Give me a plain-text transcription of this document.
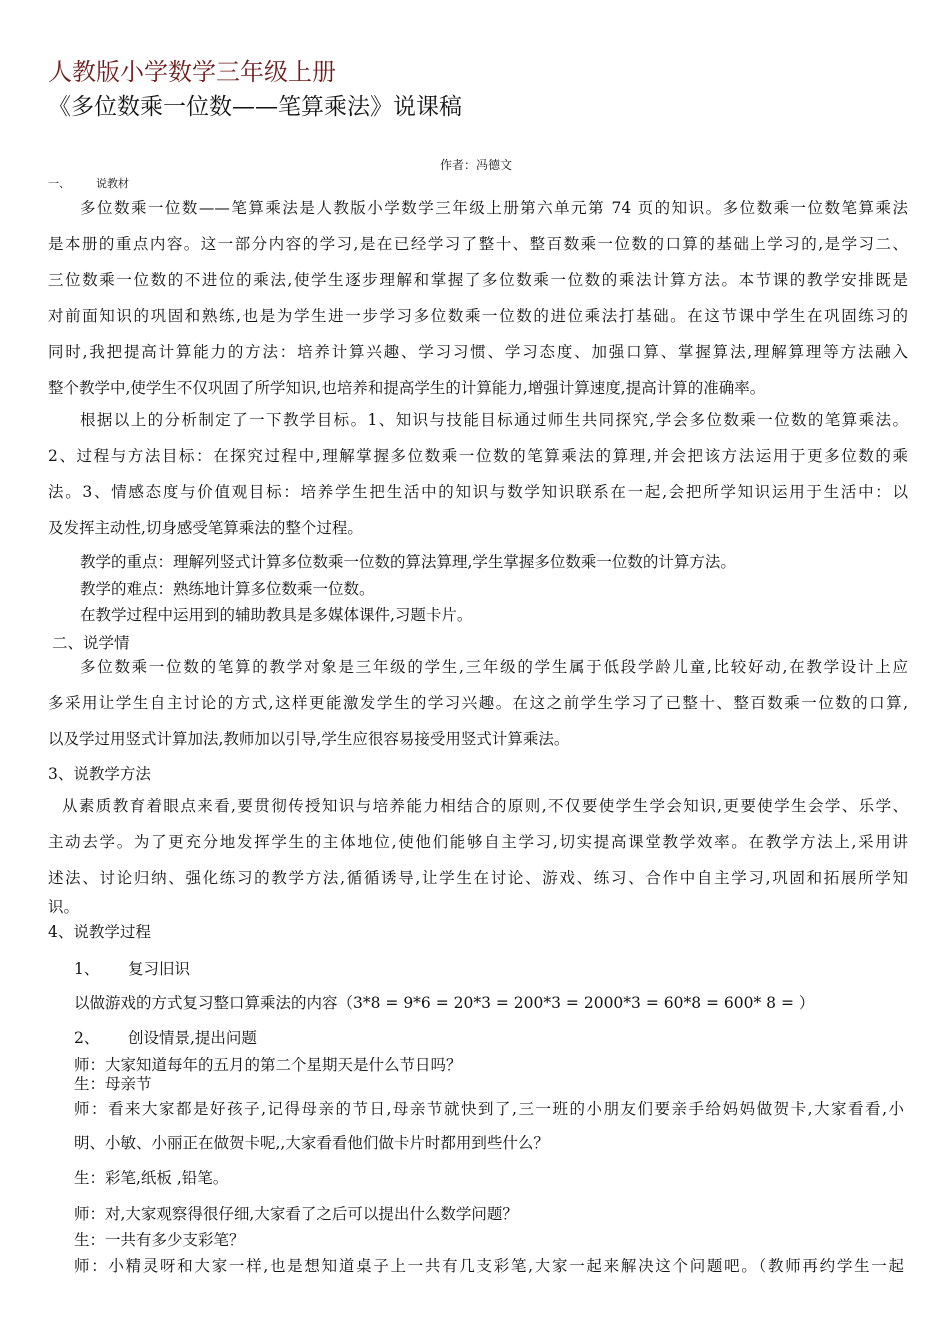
人教版小学数学三年级上册
《多位数乘一位数——笔算乘法》说课稿
作者：冯德文
一、 说教材
多位数乘一位数——笔算乘法是人教版小学数学三年级上册第六单元第 74 页的知识。多位数乘一位数笔算乘法
是本册的重点内容。这一部分内容的学习,是在已经学习了整十、整百数乘一位数的口算的基础上学习的,是学习二、
三位数乘一位数的不进位的乘法,使学生逐步理解和掌握了多位数乘一位数的乘法计算方法。本节课的教学安排既是
对前面知识的巩固和熟练,也是为学生进一步学习多位数乘一位数的进位乘法打基础。在这节课中学生在巩固练习的
同时,我把提高计算能力的方法：培养计算兴趣、学习习惯、学习态度、加强口算、掌握算法,理解算理等方法融入
整个教学中,使学生不仅巩固了所学知识,也培养和提高学生的计算能力,增强计算速度,提高计算的准确率。
根据以上的分析制定了一下教学目标。1、知识与技能目标通过师生共同探究,学会多位数乘一位数的笔算乘法。
2、过程与方法目标：在探究过程中,理解掌握多位数乘一位数的笔算乘法的算理,并会把该方法运用于更多位数的乘
法。3、情感态度与价值观目标：培养学生把生活中的知识与数学知识联系在一起,会把所学知识运用于生活中：以
及发挥主动性,切身感受笔算乘法的整个过程。
教学的重点：理解列竖式计算多位数乘一位数的算法算理,学生掌握多位数乘一位数的计算方法。
教学的难点：熟练地计算多位数乘一位数。
在教学过程中运用到的辅助教具是多媒体课件,习题卡片。
二、说学情
多位数乘一位数的笔算的教学对象是三年级的学生,三年级的学生属于低段学龄儿童,比较好动,在教学设计上应
多采用让学生自主讨论的方式,这样更能激发学生的学习兴趣。在这之前学生学习了已整十、整百数乘一位数的口算,
以及学过用竖式计算加法,教师加以引导,学生应很容易接受用竖式计算乘法。
3、说教学方法
从素质教育着眼点来看,要贯彻传授知识与培养能力相结合的原则,不仅要使学生学会知识,更要使学生会学、乐学、
主动去学。为了更充分地发挥学生的主体地位,使他们能够自主学习,切实提高课堂教学效率。在教学方法上,采用讲
述法、讨论归纳、强化练习的教学方法,循循诱导,让学生在讨论、游戏、练习、合作中自主学习,巩固和拓展所学知
识。
4、说教学过程
1、 复习旧识
以做游戏的方式复习整口算乘法的内容（3*8 = 9*6 = 20*3 = 200*3 = 2000*3 = 60*8 = 600* 8 = ）
2、 创设情景,提出问题
师：大家知道每年的五月的第二个星期天是什么节日吗？
生：母亲节
师：看来大家都是好孩子,记得母亲的节日,母亲节就快到了,三一班的小朋友们要亲手给妈妈做贺卡,大家看看,小
明、小敏、小丽正在做贺卡呢,,大家看看他们做卡片时都用到些什么？
生：彩笔,纸板 ,铅笔。
师：对,大家观察得很仔细,大家看了之后可以提出什么数学问题？
生：一共有多少支彩笔？
师：小精灵呀和大家一样,也是想知道桌子上一共有几支彩笔,大家一起来解决这个问题吧。（教师再约学生一起
